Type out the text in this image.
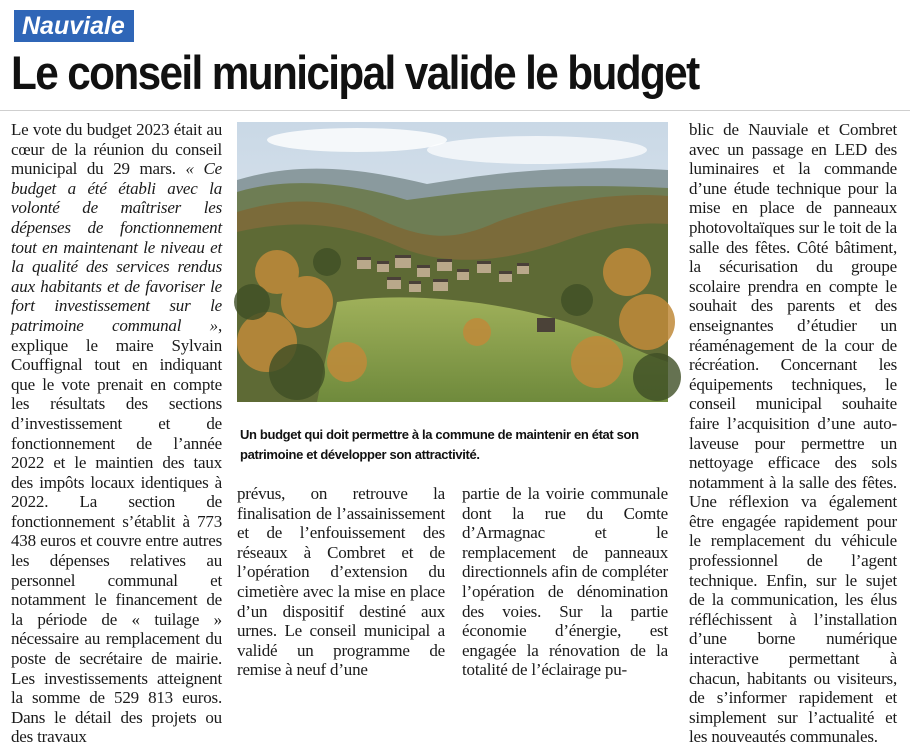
Nauviale
Le conseil municipal valide le budget

Le vote du budget 2023 était au cœur de la réunion du conseil municipal du 29 mars. « Ce budget a été établi avec la volonté de maîtriser les dépenses de fonctionnement tout en maintenant le niveau et la qualité des services rendus aux habitants et de favoriser le fort investissement sur le patrimoine communal », explique le maire Sylvain Couffignal tout en indiquant que le vote prenait en compte les résultats des sections d’investissement et de fonctionnement de l’année 2022 et le maintien des taux des impôts locaux identiques à 2022. La section de fonctionnement s’établit à 773 438 euros et couvre entre autres les dépenses relatives au personnel communal et notamment le financement de la période de « tuilage » nécessaire au remplacement du poste de secrétaire de mairie. Les investissements atteignent la somme de 529 813 euros. Dans le détail des projets ou des travaux

Un budget qui doit permettre à la commune de maintenir en état son patrimoine et développer son attractivité.

prévus, on retrouve la finalisation de l’assainissement et de l’enfouissement des réseaux à Combret et de l’opération d’extension du cimetière avec la mise en place d’un dispositif destiné aux urnes. Le conseil municipal a validé un programme de remise à neuf d’une

partie de la voirie communale dont la rue du Comte d’Armagnac et le remplacement de panneaux directionnels afin de compléter l’opération de dénomination des voies. Sur la partie économie d’énergie, est engagée la rénovation de la totalité de l’éclairage pu-

blic de Nauviale et Combret avec un passage en LED des luminaires et la commande d’une étude technique pour la mise en place de panneaux photovoltaïques sur le toit de la salle des fêtes. Côté bâtiment, la sécurisation du groupe scolaire prendra en compte le souhait des parents et des enseignantes d’étudier un réaménagement de la cour de récréation. Concernant les équipements techniques, le conseil municipal souhaite faire l’acquisition d’une auto-laveuse pour permettre un nettoyage efficace des sols notamment à la salle des fêtes. Une réflexion va également être engagée rapidement pour le remplacement du véhicule professionnel de l’agent technique. Enfin, sur le sujet de la communication, les élus réfléchissent à l’installation d’une borne numérique interactive permettant à chacun, habitants ou visiteurs, de s’informer rapidement et simplement sur l’actualité et les nouveautés communales.
